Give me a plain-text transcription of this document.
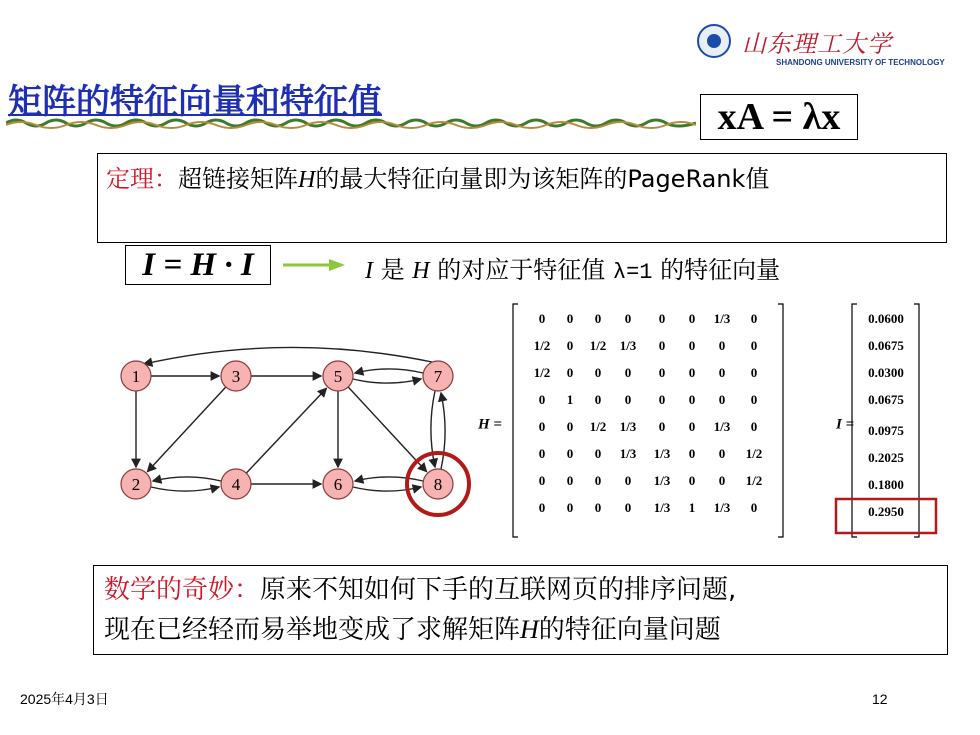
山东理工大学
SHANDONG UNIVERSITY OF TECHNOLOGY
矩阵的特征向量和特征值	xA = λx
定理：超链接矩阵H的最大特征向量即为该矩阵的PageRank值
I = H · I	I 是 H 的对应于特征值 λ=1 的特征向量
1
2
3
4
5
6
7
8
H =
0 0 0 0 0 0 1/3 0
1/2 0 1/2 1/3 0 0 0 0
1/2 0 0 0 0 0 0 0
0 1 0 0 0 0 0 0
0 0 1/2 1/3 0 0 1/3 0
0 0 0 1/3 1/3 0 0 1/2
0 0 0 0 1/3 0 0 1/2
0 0 0 0 1/3 1 1/3 0
I =
0.0600
0.0675
0.0300
0.0675
0.0975
0.2025
0.1800
0.2950
数学的奇妙：原来不知如何下手的互联网页的排序问题,
现在已经轻而易举地变成了求解矩阵H的特征向量问题
2025年4月3日	12
